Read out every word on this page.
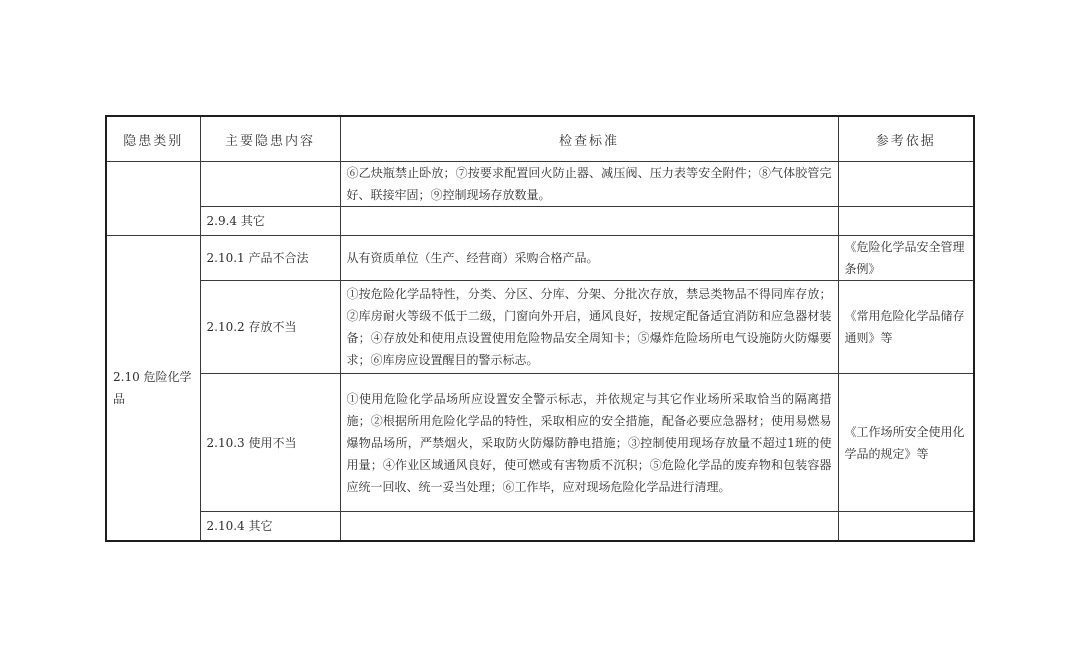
隐患类别	主要隐患内容	检查标准	参考依据
		⑥乙炔瓶禁止卧放；⑦按要求配置回火防止器、减压阀、压力表等安全附件；⑧气体胶管完好、联接牢固；⑨控制现场存放数量。	
	2.9.4 其它		
2.10 危险化学品	2.10.1 产品不合法	从有资质单位（生产、经营商）采购合格产品。	《危险化学品安全管理条例》
	2.10.2 存放不当	①按危险化学品特性，分类、分区、分库、分架、分批次存放，禁忌类物品不得同库存放；②库房耐火等级不低于二级，门窗向外开启，通风良好，按规定配备适宜消防和应急器材装备；④存放处和使用点设置使用危险物品安全周知卡；⑤爆炸危险场所电气设施防火防爆要求；⑥库房应设置醒目的警示标志。	《常用危险化学品储存通则》等
	2.10.3 使用不当	①使用危险化学品场所应设置安全警示标志，并依规定与其它作业场所采取恰当的隔离措施；②根据所用危险化学品的特性，采取相应的安全措施，配备必要应急器材；使用易燃易爆物品场所，严禁烟火，采取防火防爆防静电措施；③控制使用现场存放量不超过1班的使用量；④作业区域通风良好，使可燃或有害物质不沉积；⑤危险化学品的废弃物和包装容器应统一回收、统一妥当处理；⑥工作毕，应对现场危险化学品进行清理。	《工作场所安全使用化学品的规定》等
	2.10.4 其它		
